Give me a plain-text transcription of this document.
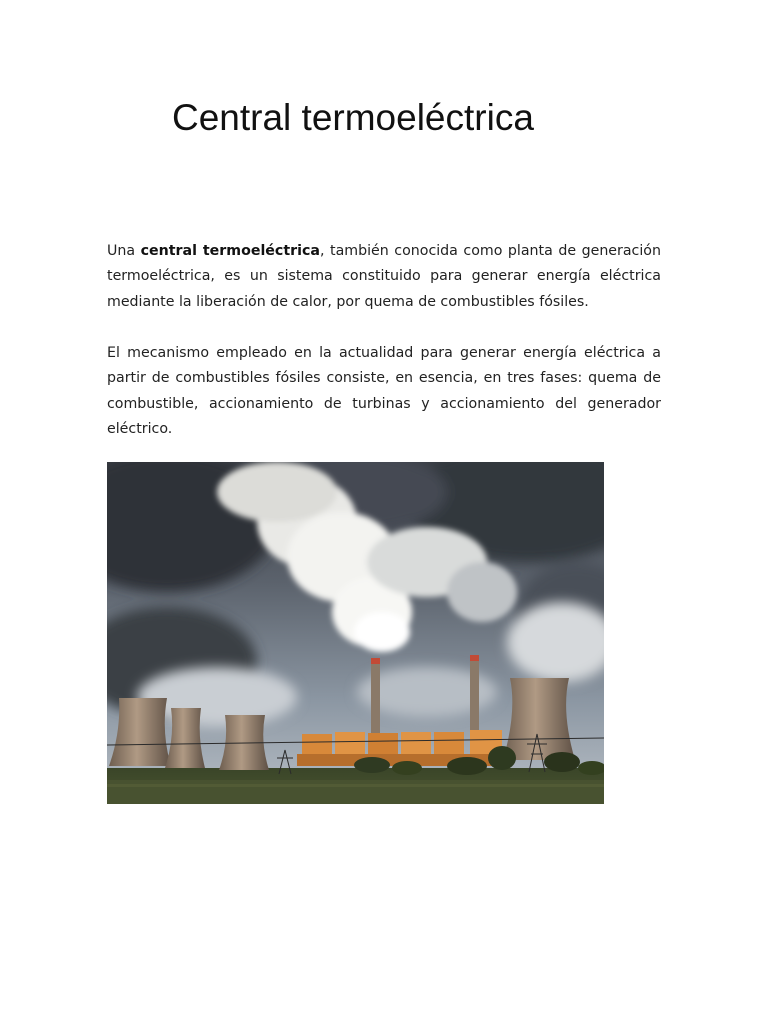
Central termoeléctrica

Una central termoeléctrica, también conocida como planta de generación termoeléctrica, es un sistema constituido para generar energía eléctrica mediante la liberación de calor, por quema de combustibles fósiles.

El mecanismo empleado en la actualidad para generar energía eléctrica a partir de combustibles fósiles consiste, en esencia, en tres fases: quema de combustible, accionamiento de turbinas y accionamiento del generador eléctrico.
